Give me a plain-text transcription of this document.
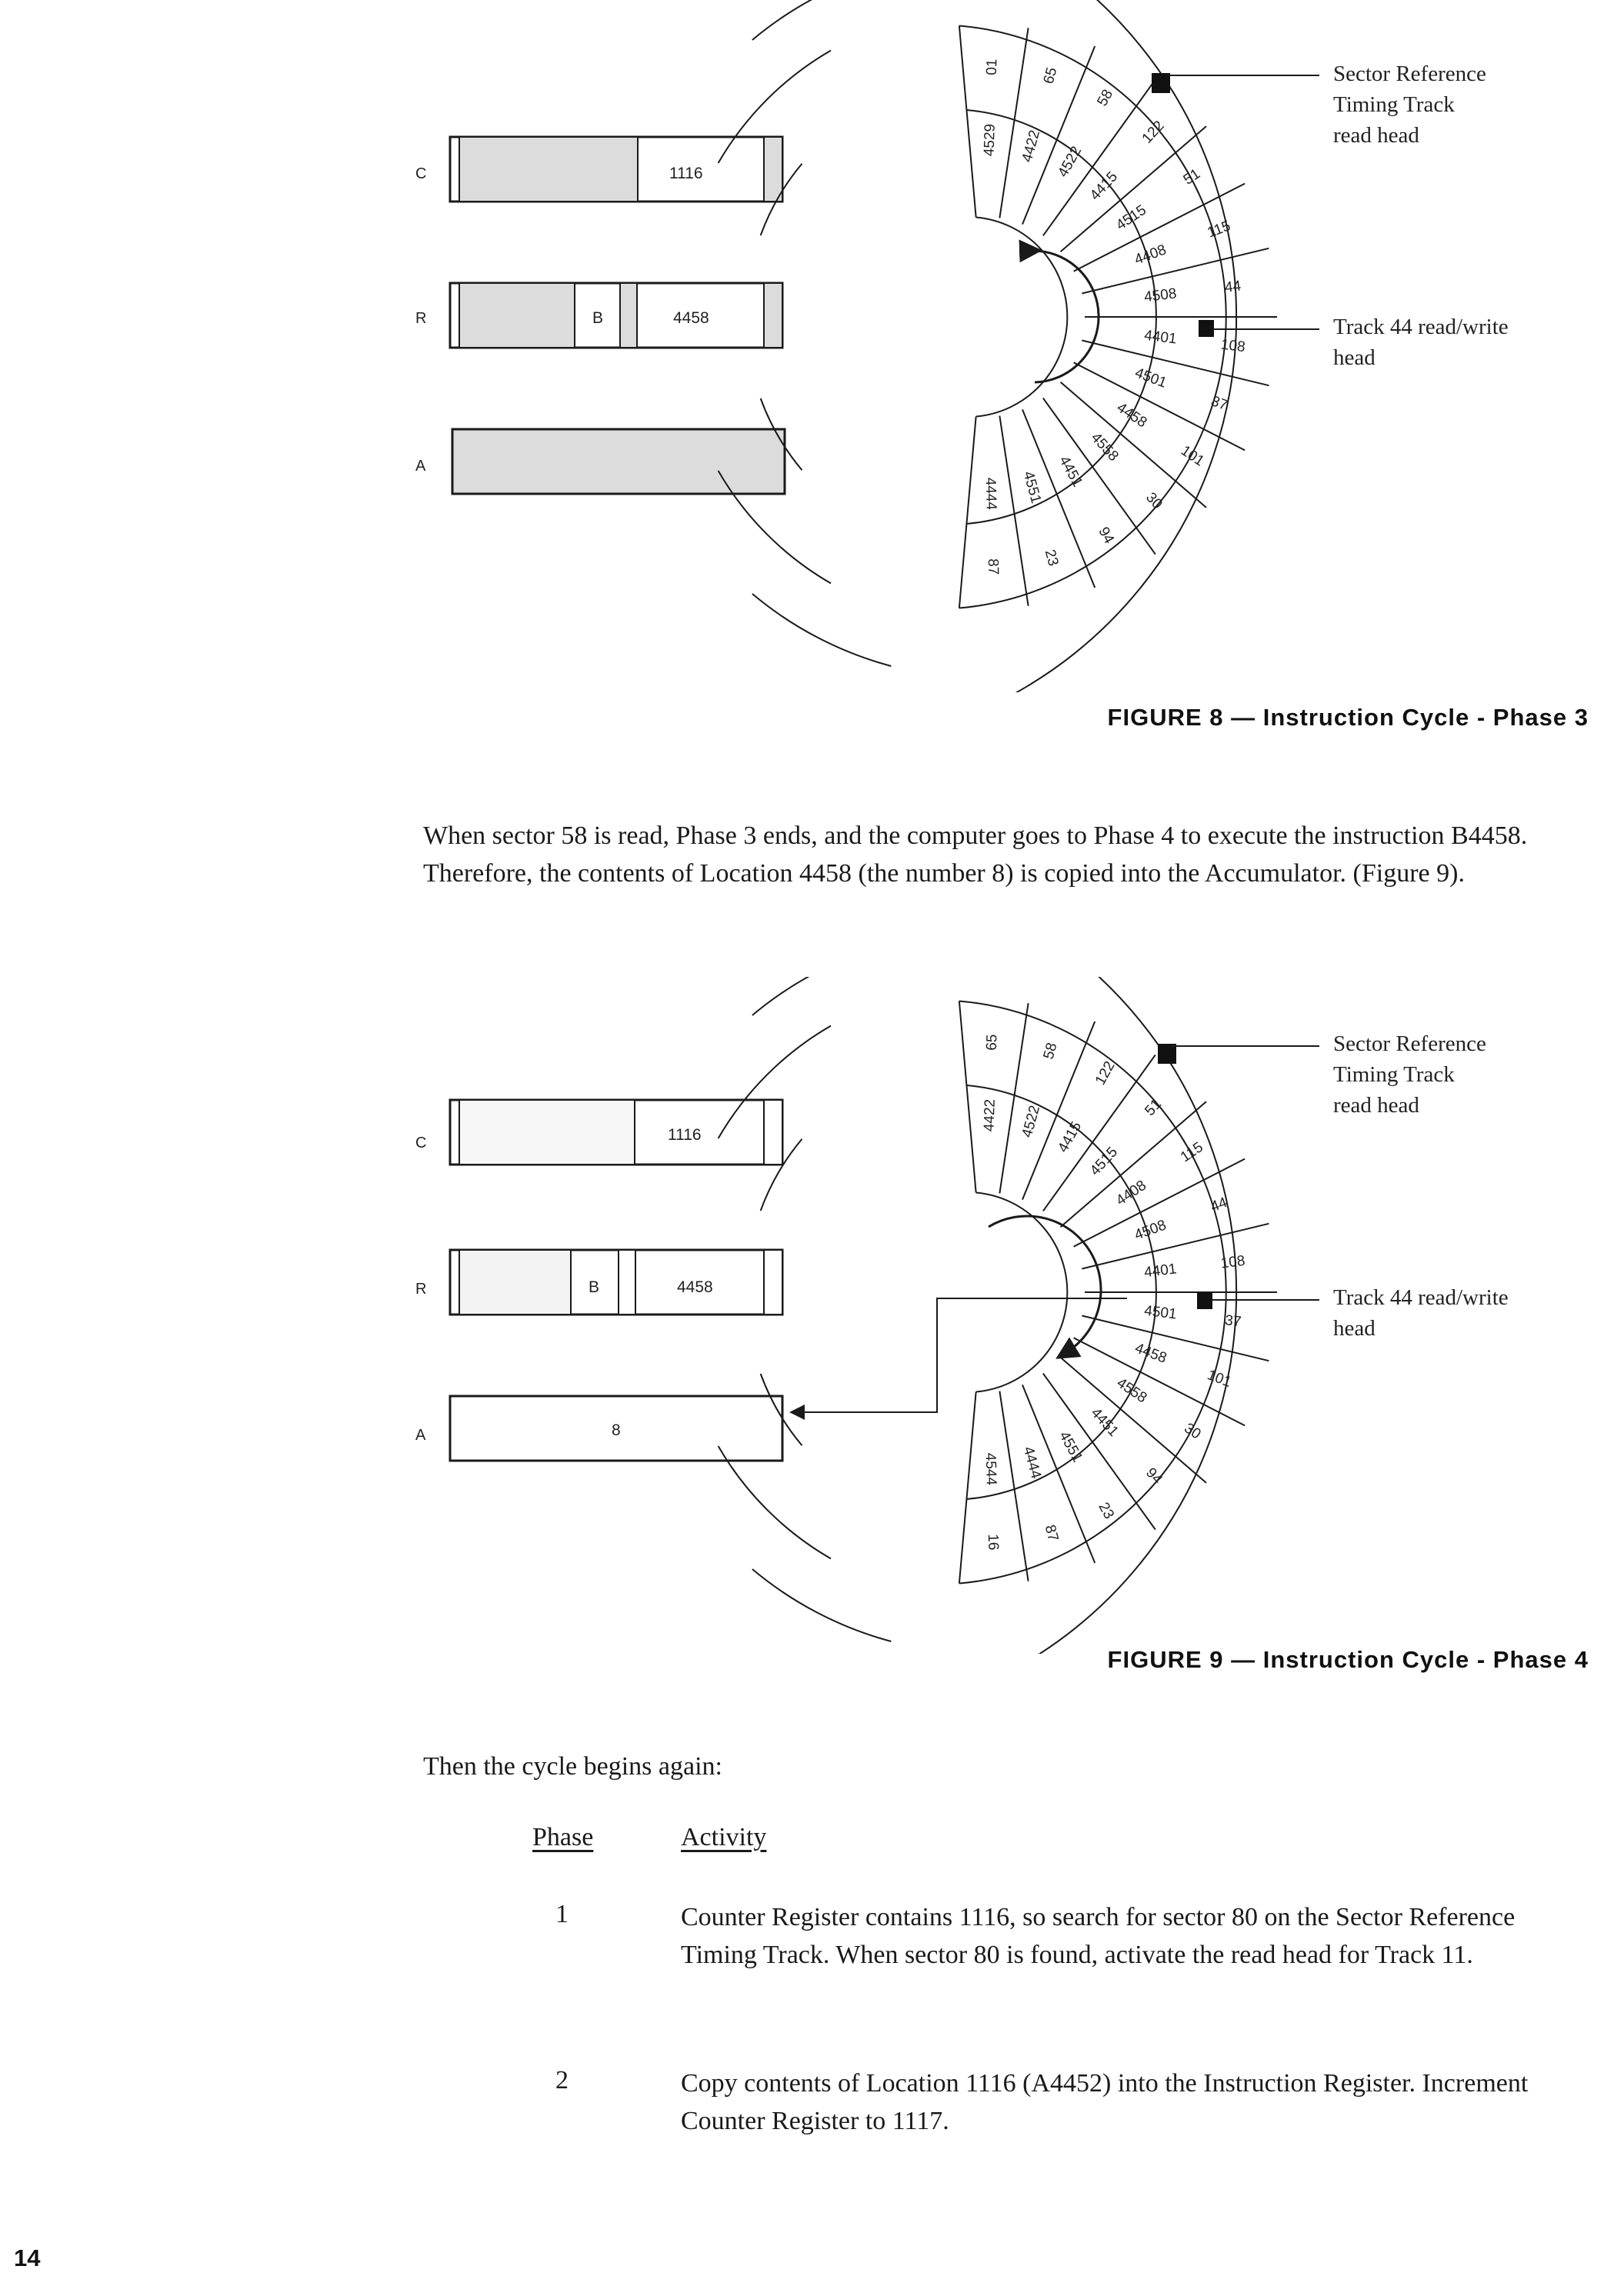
C	1116
R	B	4458
A
4529
01
4422
65
4522
58
4415
122
4515
51
4408
115
4508	44
4401	108
4501
37
4458
101
4558
30
4451
94
4551
23
4444
87
Sector Reference
Timing Track
read head
Track 44 read/write
head
FIGURE 8 — Instruction Cycle - Phase 3

When sector 58 is read, Phase 3 ends, and the computer goes to Phase 4 to execute the instruction B4458. Therefore, the contents of Location 4458 (the number 8) is copied into the Accumulator. (Figure 9).

C	1116
R	B	4458
A	8
4422
65
4522
58
4415
122
4515
51
4408
115
4508
44
4401	108
4501	37
4458
101
4558
30
4451
94
4551
23
4444
87
4544
16
Sector Reference
Timing Track
read head
Track 44 read/write
head
FIGURE 9 — Instruction Cycle - Phase 4

Then the cycle begins again:

Phase	Activity
1	Counter Register contains 1116, so search for sector 80 on the Sector Reference Timing Track. When sector 80 is found, activate the read head for Track 11.

2	Copy contents of Location 1116 (A4452) into the Instruction Register. Increment Counter Register to 1117.

14
